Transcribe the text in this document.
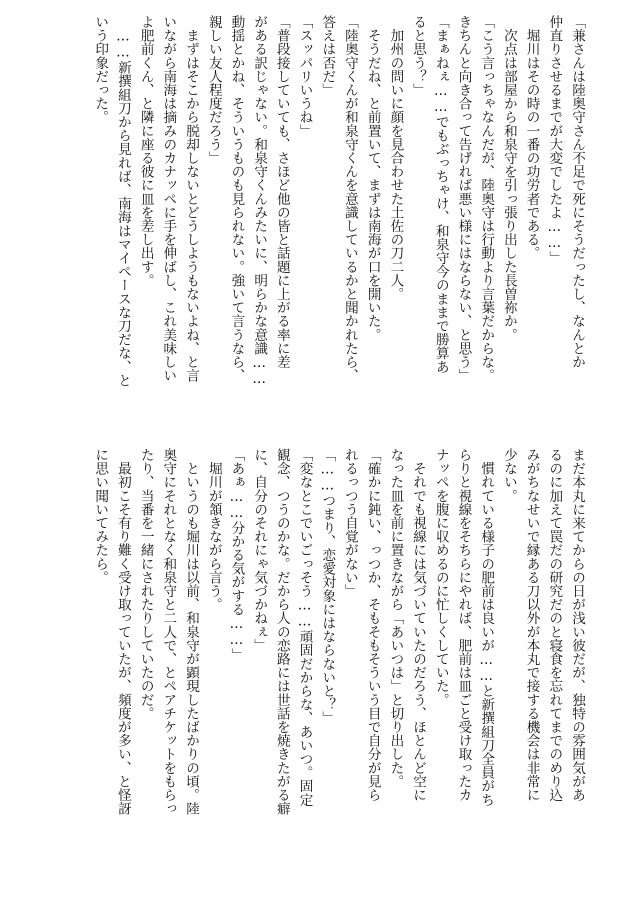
「兼さんは陸奥守さん不足で死にそうだったし、なんとか
仲直りさせるまでが大変でしたよ……」
　堀川はその時の一番の功労者である。
　次点は部屋から和泉守を引っ張り出した長曽祢か。
「こう言っちゃなんだが、陸奥守は行動より言葉だからな。
きちんと向き合って告げれば悪い様にはならない、と思う」
「まぁねぇ……でもぶっちゃけ、和泉守今のままで勝算あ
ると思う？」
　加州の問いに顔を見合わせた土佐の刀二人。
　そうだね、と前置いて、まずは南海が口を開いた。
「陸奥守くんが和泉守くんを意識しているかと聞かれたら、
答えは否だ」
「スッパリいうね」
「普段接していても、さほど他の皆と話題に上がる率に差
がある訳じゃない。和泉守くんみたいに、明らかな意識……
動揺とかね、そういうものも見られない。強いて言うなら、
親しい友人程度だろう」
　まずはそこから脱却しないとどうしようもないよね、と言
いながら南海は摘みのカナッペに手を伸ばし、これ美味しい
よ肥前くん、と隣に座る彼に皿を差し出す。
　……新撰組刀から見れば、南海はマイペースな刀だな、と
いう印象だった。
まだ本丸に来てからの日が浅い彼だが、独特の雰囲気があ
るのに加えて罠だの研究だのと寝食を忘れてまでのめり込
みがちなせいで縁ある刀以外が本丸で接する機会は非常に
少ない。
　慣れている様子の肥前は良いが……と新撰組刀全員がち
らりと視線をそちらにやれば、肥前は皿ごと受け取ったカ
ナッペを腹に収めるのに忙しくしていた。
　それでも視線には気づいていたのだろう、ほとんど空に
なった皿を前に置きながら「あいつは」と切り出した。
「確かに鈍い、っつか、そもそもそういう目で自分が見ら
れるっつう自覚がない」
「……つまり、恋愛対象にはならないと？」
「変なとこでいごっそう……頑固だからな、あいつ。固定
観念、つうのかな。だから人の恋路には世話を焼きたがる癖
に、自分のそれにゃ気づかねぇ」
「あぁ……分かる気がする……」
　堀川が頷きながら言う。
　というのも堀川は以前、和泉守が顕現したばかりの頃。陸
奥守にそれとなく和泉守と二人で、とペアチケットをもらっ
たり、当番を一緒にされたりしていたのだ。
　最初こそ有り難く受け取っていたが、頻度が多い、と怪訝
に思い聞いてみたら。
